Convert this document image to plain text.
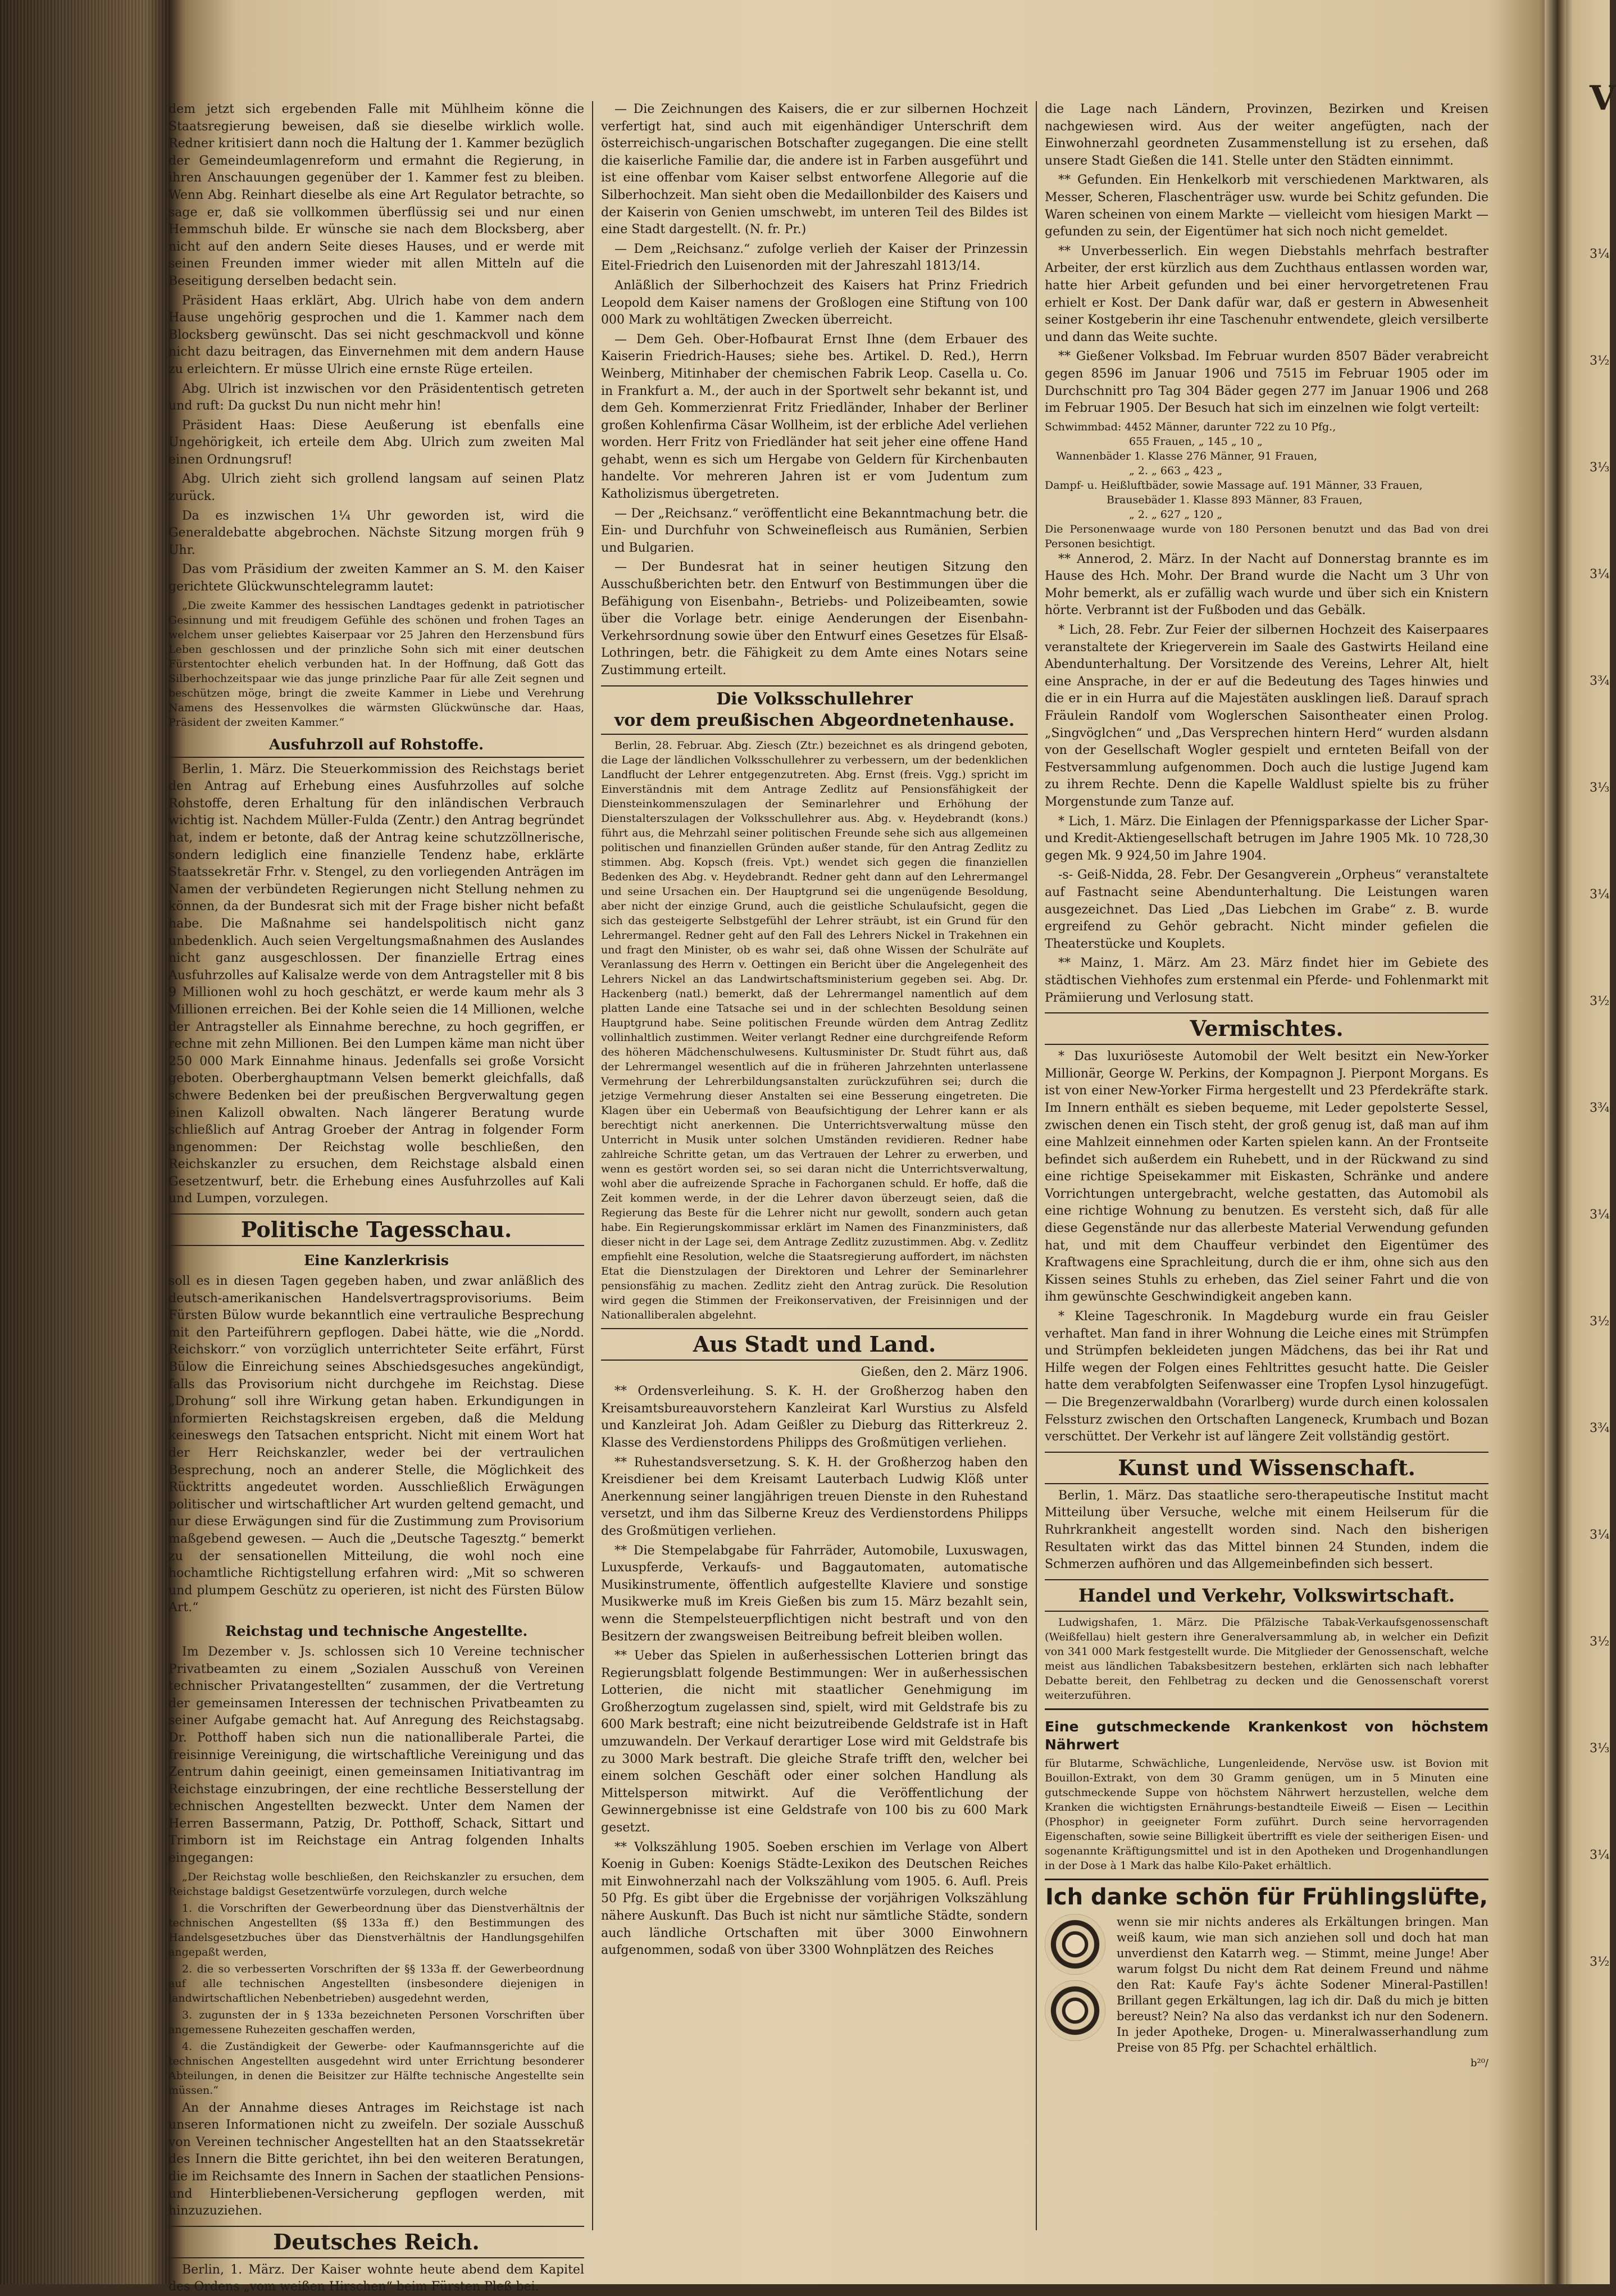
dem jetzt sich ergebenden Falle mit Mühlheim könne die Staatsregierung beweisen, daß sie dieselbe wirklich wolle. Redner kritisiert dann noch die Haltung der 1. Kammer bezüglich der Gemeindeumlagenreform und ermahnt die Regierung, in ihren Anschauungen gegenüber der 1. Kammer fest zu bleiben. Wenn Abg. Reinhart dieselbe als eine Art Regulator betrachte, so sage er, daß sie vollkommen überflüssig sei und nur einen Hemmschuh bilde. Er wünsche sie nach dem Blocksberg, aber nicht auf den andern Seite dieses Hauses, und er werde mit seinen Freunden immer wieder mit allen Mitteln auf die Beseitigung derselben bedacht sein.

Präsident Haas erklärt, Abg. Ulrich habe von dem andern Hause ungehörig gesprochen und die 1. Kammer nach dem Blocksberg gewünscht. Das sei nicht geschmackvoll und könne nicht dazu beitragen, das Einvernehmen mit dem andern Hause zu erleichtern. Er müsse Ulrich eine ernste Rüge erteilen.

Abg. Ulrich ist inzwischen vor den Präsidententisch getreten und ruft: Da guckst Du nun nicht mehr hin!

Präsident Haas: Diese Aeußerung ist ebenfalls eine Ungehörigkeit, ich erteile dem Abg. Ulrich zum zweiten Mal einen Ordnungsruf!

Abg. Ulrich zieht sich grollend langsam auf seinen Platz zurück.

Da es inzwischen 1¼ Uhr geworden ist, wird die Generaldebatte abgebrochen. Nächste Sitzung morgen früh 9 Uhr.

Das vom Präsidium der zweiten Kammer an S. M. den Kaiser gerichtete Glückwunschtelegramm lautet:

„Die zweite Kammer des hessischen Landtages gedenkt in patriotischer Gesinnung und mit freudigem Gefühle des schönen und frohen Tages an welchem unser geliebtes Kaiserpaar vor 25 Jahren den Herzensbund fürs Leben geschlossen und der prinzliche Sohn sich mit einer deutschen Fürstentochter ehelich verbunden hat. In der Hoffnung, daß Gott das Silberhochzeitspaar wie das junge prinzliche Paar für alle Zeit segnen und beschützen möge, bringt die zweite Kammer in Liebe und Verehrung Namens des Hessenvolkes die wärmsten Glückwünsche dar. Haas, Präsident der zweiten Kammer.“

Ausfuhrzoll auf Rohstoffe.

Berlin, 1. März. Die Steuerkommission des Reichstags beriet den Antrag auf Erhebung eines Ausfuhrzolles auf solche Rohstoffe, deren Erhaltung für den inländischen Verbrauch wichtig ist. Nachdem Müller-Fulda (Zentr.) den Antrag begründet hat, indem er betonte, daß der Antrag keine schutzzöllnerische, sondern lediglich eine finanzielle Tendenz habe, erklärte Staatssekretär Frhr. v. Stengel, zu den vorliegenden Anträgen im Namen der verbündeten Regierungen nicht Stellung nehmen zu können, da der Bundesrat sich mit der Frage bisher nicht befaßt habe. Die Maßnahme sei handelspolitisch nicht ganz unbedenklich. Auch seien Vergeltungsmaßnahmen des Auslandes nicht ganz ausgeschlossen. Der finanzielle Ertrag eines Ausfuhrzolles auf Kalisalze werde von dem Antragsteller mit 8 bis 9 Millionen wohl zu hoch geschätzt, er werde kaum mehr als 3 Millionen erreichen. Bei der Kohle seien die 14 Millionen, welche der Antragsteller als Einnahme berechne, zu hoch gegriffen, er rechne mit zehn Millionen. Bei den Lumpen käme man nicht über 250 000 Mark Einnahme hinaus. Jedenfalls sei große Vorsicht geboten. Oberberghauptmann Velsen bemerkt gleichfalls, daß schwere Bedenken bei der preußischen Bergverwaltung gegen einen Kalizoll obwalten. Nach längerer Beratung wurde schließlich auf Antrag Groeber der Antrag in folgender Form angenommen: Der Reichstag wolle beschließen, den Reichskanzler zu ersuchen, dem Reichstage alsbald einen Gesetzentwurf, betr. die Erhebung eines Ausfuhrzolles auf Kali und Lumpen, vorzulegen.

Politische Tagesschau.
Eine Kanzlerkrisis

soll es in diesen Tagen gegeben haben, und zwar anläßlich des deutsch-amerikanischen Handelsvertragsprovisoriums. Beim Fürsten Bülow wurde bekanntlich eine vertrauliche Besprechung mit den Parteiführern gepflogen. Dabei hätte, wie die „Nordd. Reichskorr.“ von vorzüglich unterrichteter Seite erfährt, Fürst Bülow die Einreichung seines Abschiedsgesuches angekündigt, falls das Provisorium nicht durchgehe im Reichstag. Diese „Drohung“ soll ihre Wirkung getan haben. Erkundigungen in informierten Reichstagskreisen ergeben, daß die Meldung keineswegs den Tatsachen entspricht. Nicht mit einem Wort hat der Herr Reichskanzler, weder bei der vertraulichen Besprechung, noch an anderer Stelle, die Möglichkeit des Rücktritts angedeutet worden. Ausschließlich Erwägungen politischer und wirtschaftlicher Art wurden geltend gemacht, und nur diese Erwägungen sind für die Zustimmung zum Provisorium maßgebend gewesen. — Auch die „Deutsche Tagesztg.“ bemerkt zu der sensationellen Mitteilung, die wohl noch eine hochamtliche Richtigstellung erfahren wird: „Mit so schweren und plumpem Geschütz zu operieren, ist nicht des Fürsten Bülow Art.“

Reichstag und technische Angestellte.

Im Dezember v. Js. schlossen sich 10 Vereine technischer Privatbeamten zu einem „Sozialen Ausschuß von Vereinen technischer Privatangestellten“ zusammen, der die Vertretung der gemeinsamen Interessen der technischen Privatbeamten zu seiner Aufgabe gemacht hat. Auf Anregung des Reichstagsabg. Dr. Potthoff haben sich nun die nationalliberale Partei, die freisinnige Vereinigung, die wirtschaftliche Vereinigung und das Zentrum dahin geeinigt, einen gemeinsamen Initiativantrag im Reichstage einzubringen, der eine rechtliche Besserstellung der technischen Angestellten bezweckt. Unter dem Namen der Herren Bassermann, Patzig, Dr. Potthoff, Schack, Sittart und Trimborn ist im Reichstage ein Antrag folgenden Inhalts eingegangen:

„Der Reichstag wolle beschließen, den Reichskanzler zu ersuchen, dem Reichstage baldigst Gesetzentwürfe vorzulegen, durch welche

1. die Vorschriften der Gewerbeordnung über das Dienstverhältnis der technischen Angestellten (§§ 133a ff.) den Bestimmungen des Handelsgesetzbuches über das Dienstverhältnis der Handlungsgehilfen angepaßt werden,

2. die so verbesserten Vorschriften der §§ 133a ff. der Gewerbeordnung auf alle technischen Angestellten (insbesondere diejenigen in landwirtschaftlichen Nebenbetrieben) ausgedehnt werden,

3. zugunsten der in § 133a bezeichneten Personen Vorschriften über angemessene Ruhezeiten geschaffen werden,

4. die Zuständigkeit der Gewerbe- oder Kaufmannsgerichte auf die technischen Angestellten ausgedehnt wird unter Errichtung besonderer Abteilungen, in denen die Beisitzer zur Hälfte technische Angestellte sein müssen.“

An der Annahme dieses Antrages im Reichstage ist nach unseren Informationen nicht zu zweifeln. Der soziale Ausschuß von Vereinen technischer Angestellten hat an den Staatssekretär des Innern die Bitte gerichtet, ihn bei den weiteren Beratungen, die im Reichsamte des Innern in Sachen der staatlichen Pensions- und Hinterbliebenen-Versicherung gepflogen werden, mit hinzuzuziehen.

Deutsches Reich.

Berlin, 1. März. Der Kaiser wohnte heute abend dem Kapitel des Ordens „vom weißen Hirschen“ beim Fürsten Pleß bei.

— Die Zeichnungen des Kaisers, die er zur silbernen Hochzeit verfertigt hat, sind auch mit eigenhändiger Unterschrift dem österreichisch-ungarischen Botschafter zugegangen. Die eine stellt die kaiserliche Familie dar, die andere ist in Farben ausgeführt und ist eine offenbar vom Kaiser selbst entworfene Allegorie auf die Silberhochzeit. Man sieht oben die Medaillonbilder des Kaisers und der Kaiserin von Genien umschwebt, im unteren Teil des Bildes ist eine Stadt dargestellt. (N. fr. Pr.)

— Dem „Reichsanz.“ zufolge verlieh der Kaiser der Prinzessin Eitel-Friedrich den Luisenorden mit der Jahreszahl 1813/14.

Anläßlich der Silberhochzeit des Kaisers hat Prinz Friedrich Leopold dem Kaiser namens der Großlogen eine Stiftung von 100 000 Mark zu wohltätigen Zwecken überreicht.

— Dem Geh. Ober-Hofbaurat Ernst Ihne (dem Erbauer des Kaiserin Friedrich-Hauses; siehe bes. Artikel. D. Red.), Herrn Weinberg, Mitinhaber der chemischen Fabrik Leop. Casella u. Co. in Frankfurt a. M., der auch in der Sportwelt sehr bekannt ist, und dem Geh. Kommerzienrat Fritz Friedländer, Inhaber der Berliner großen Kohlenfirma Cäsar Wollheim, ist der erbliche Adel verliehen worden. Herr Fritz von Friedländer hat seit jeher eine offene Hand gehabt, wenn es sich um Hergabe von Geldern für Kirchenbauten handelte. Vor mehreren Jahren ist er vom Judentum zum Katholizismus übergetreten.

— Der „Reichsanz.“ veröffentlicht eine Bekanntmachung betr. die Ein- und Durchfuhr von Schweinefleisch aus Rumänien, Serbien und Bulgarien.

— Der Bundesrat hat in seiner heutigen Sitzung den Ausschußberichten betr. den Entwurf von Bestimmungen über die Befähigung von Eisenbahn-, Betriebs- und Polizeibeamten, sowie über die Vorlage betr. einige Aenderungen der Eisenbahn-Verkehrsordnung sowie über den Entwurf eines Gesetzes für Elsaß-Lothringen, betr. die Fähigkeit zu dem Amte eines Notars seine Zustimmung erteilt.

Die Volksschullehrer
vor dem preußischen Abgeordnetenhause.

Berlin, 28. Februar. Abg. Ziesch (Ztr.) bezeichnet es als dringend geboten, die Lage der ländlichen Volksschullehrer zu verbessern, um der bedenklichen Landflucht der Lehrer entgegenzutreten. Abg. Ernst (freis. Vgg.) spricht im Einverständnis mit dem Antrage Zedlitz auf Pensionsfähigkeit der Diensteinkommenszulagen der Seminarlehrer und Erhöhung der Dienstalterszulagen der Volksschullehrer aus. Abg. v. Heydebrandt (kons.) führt aus, die Mehrzahl seiner politischen Freunde sehe sich aus allgemeinen politischen und finanziellen Gründen außer stande, für den Antrag Zedlitz zu stimmen. Abg. Kopsch (freis. Vpt.) wendet sich gegen die finanziellen Bedenken des Abg. v. Heydebrandt. Redner geht dann auf den Lehrermangel und seine Ursachen ein. Der Hauptgrund sei die ungenügende Besoldung, aber nicht der einzige Grund, auch die geistliche Schulaufsicht, gegen die sich das gesteigerte Selbstgefühl der Lehrer sträubt, ist ein Grund für den Lehrermangel. Redner geht auf den Fall des Lehrers Nickel in Trakehnen ein und fragt den Minister, ob es wahr sei, daß ohne Wissen der Schulräte auf Veranlassung des Herrn v. Oettingen ein Bericht über die Angelegenheit des Lehrers Nickel an das Landwirtschaftsministerium gegeben sei. Abg. Dr. Hackenberg (natl.) bemerkt, daß der Lehrermangel namentlich auf dem platten Lande eine Tatsache sei und in der schlechten Besoldung seinen Hauptgrund habe. Seine politischen Freunde würden dem Antrag Zedlitz vollinhaltlich zustimmen. Weiter verlangt Redner eine durchgreifende Reform des höheren Mädchenschulwesens. Kultusminister Dr. Studt führt aus, daß der Lehrermangel wesentlich auf die in früheren Jahrzehnten unterlassene Vermehrung der Lehrerbildungsanstalten zurückzuführen sei; durch die jetzige Vermehrung dieser Anstalten sei eine Besserung eingetreten. Die Klagen über ein Uebermaß von Beaufsichtigung der Lehrer kann er als berechtigt nicht anerkennen. Die Unterrichtsverwaltung müsse den Unterricht in Musik unter solchen Umständen revidieren. Redner habe zahlreiche Schritte getan, um das Vertrauen der Lehrer zu erwerben, und wenn es gestört worden sei, so sei daran nicht die Unterrichtsverwaltung, wohl aber die aufreizende Sprache in Fachorganen schuld. Er hoffe, daß die Zeit kommen werde, in der die Lehrer davon überzeugt seien, daß die Regierung das Beste für die Lehrer nicht nur gewollt, sondern auch getan habe. Ein Regierungskommissar erklärt im Namen des Finanzministers, daß dieser nicht in der Lage sei, dem Antrage Zedlitz zuzustimmen. Abg. v. Zedlitz empfiehlt eine Resolution, welche die Staatsregierung auffordert, im nächsten Etat die Dienstzulagen der Direktoren und Lehrer der Seminarlehrer pensionsfähig zu machen. Zedlitz zieht den Antrag zurück. Die Resolution wird gegen die Stimmen der Freikonservativen, der Freisinnigen und der Nationalliberalen abgelehnt.

Aus Stadt und Land.

Gießen, den 2. März 1906.

** Ordensverleihung. S. K. H. der Großherzog haben den Kreisamtsbureauvorstehern Kanzleirat Karl Wurstius zu Alsfeld und Kanzleirat Joh. Adam Geißler zu Dieburg das Ritterkreuz 2. Klasse des Verdienstordens Philipps des Großmütigen verliehen.

** Ruhestandsversetzung. S. K. H. der Großherzog haben den Kreisdiener bei dem Kreisamt Lauterbach Ludwig Klöß unter Anerkennung seiner langjährigen treuen Dienste in den Ruhestand versetzt, und ihm das Silberne Kreuz des Verdienstordens Philipps des Großmütigen verliehen.

** Die Stempelabgabe für Fahrräder, Automobile, Luxuswagen, Luxuspferde, Verkaufs- und Baggautomaten, automatische Musikinstrumente, öffentlich aufgestellte Klaviere und sonstige Musikwerke muß im Kreis Gießen bis zum 15. März bezahlt sein, wenn die Stempelsteuerpflichtigen nicht bestraft und von den Besitzern der zwangsweisen Beitreibung befreit bleiben wollen.

** Ueber das Spielen in außerhessischen Lotterien bringt das Regierungsblatt folgende Bestimmungen: Wer in außerhessischen Lotterien, die nicht mit staatlicher Genehmigung im Großherzogtum zugelassen sind, spielt, wird mit Geldstrafe bis zu 600 Mark bestraft; eine nicht beizutreibende Geldstrafe ist in Haft umzuwandeln. Der Verkauf derartiger Lose wird mit Geldstrafe bis zu 3000 Mark bestraft. Die gleiche Strafe trifft den, welcher bei einem solchen Geschäft oder einer solchen Handlung als Mittelsperson mitwirkt. Auf die Veröffentlichung der Gewinnergebnisse ist eine Geldstrafe von 100 bis zu 600 Mark gesetzt.

** Volkszählung 1905. Soeben erschien im Verlage von Albert Koenig in Guben: Koenigs Städte-Lexikon des Deutschen Reiches mit Einwohnerzahl nach der Volkszählung vom 1905. 6. Aufl. Preis 50 Pfg. Es gibt über die Ergebnisse der vorjährigen Volkszählung nähere Auskunft. Das Buch ist nicht nur sämtliche Städte, sondern auch ländliche Ortschaften mit über 3000 Einwohnern aufgenommen, sodaß von über 3300 Wohnplätzen des Reiches

die Lage nach Ländern, Provinzen, Bezirken und Kreisen nachgewiesen wird. Aus der weiter angefügten, nach der Einwohnerzahl geordneten Zusammenstellung ist zu ersehen, daß unsere Stadt Gießen die 141. Stelle unter den Städten einnimmt.

** Gefunden. Ein Henkelkorb mit verschiedenen Marktwaren, als Messer, Scheren, Flaschenträger usw. wurde bei Schitz gefunden. Die Waren scheinen von einem Markte — vielleicht vom hiesigen Markt — gefunden zu sein, der Eigentümer hat sich noch nicht gemeldet.

** Unverbesserlich. Ein wegen Diebstahls mehrfach bestrafter Arbeiter, der erst kürzlich aus dem Zuchthaus entlassen worden war, hatte hier Arbeit gefunden und bei einer hervorgetretenen Frau erhielt er Kost. Der Dank dafür war, daß er gestern in Abwesenheit seiner Kostgeberin ihr eine Taschenuhr entwendete, gleich versilberte und dann das Weite suchte.

** Gießener Volksbad. Im Februar wurden 8507 Bäder verabreicht gegen 8596 im Januar 1906 und 7515 im Februar 1905 oder im Durchschnitt pro Tag 304 Bäder gegen 277 im Januar 1906 und 268 im Februar 1905. Der Besuch hat sich im einzelnen wie folgt verteilt:

Schwimmbad: 4452 Männer, darunter 722 zu 10 Pfg.,
655 Frauen, „ 145 „ 10 „
Wannenbäder 1. Klasse 276 Männer, 91 Frauen,
„ 2. „ 663 „ 423 „
Dampf- u. Heißluftbäder, sowie Massage auf. 191 Männer, 33 Frauen,
Brausebäder 1. Klasse 893 Männer, 83 Frauen,
„ 2. „ 627 „ 120 „
Die Personenwaage wurde von 180 Personen benutzt und das Bad von drei Personen besichtigt.

** Annerod, 2. März. In der Nacht auf Donnerstag brannte es im Hause des Hch. Mohr. Der Brand wurde die Nacht um 3 Uhr von Mohr bemerkt, als er zufällig wach wurde und über sich ein Knistern hörte. Verbrannt ist der Fußboden und das Gebälk.

* Lich, 28. Febr. Zur Feier der silbernen Hochzeit des Kaiserpaares veranstaltete der Kriegerverein im Saale des Gastwirts Heiland eine Abendunterhaltung. Der Vorsitzende des Vereins, Lehrer Alt, hielt eine Ansprache, in der er auf die Bedeutung des Tages hinwies und die er in ein Hurra auf die Majestäten ausklingen ließ. Darauf sprach Fräulein Randolf vom Woglerschen Saisontheater einen Prolog. „Singvöglchen“ und „Das Versprechen hintern Herd“ wurden alsdann von der Gesellschaft Wogler gespielt und ernteten Beifall von der Festversammlung aufgenommen. Doch auch die lustige Jugend kam zu ihrem Rechte. Denn die Kapelle Waldlust spielte bis zu früher Morgenstunde zum Tanze auf.

* Lich, 1. März. Die Einlagen der Pfennigsparkasse der Licher Spar- und Kredit-Aktiengesellschaft betrugen im Jahre 1905 Mk. 10 728,30 gegen Mk. 9 924,50 im Jahre 1904.

-s- Geiß-Nidda, 28. Febr. Der Gesangverein „Orpheus“ veranstaltete auf Fastnacht seine Abendunterhaltung. Die Leistungen waren ausgezeichnet. Das Lied „Das Liebchen im Grabe“ z. B. wurde ergreifend zu Gehör gebracht. Nicht minder gefielen die Theaterstücke und Kouplets.

** Mainz, 1. März. Am 23. März findet hier im Gebiete des städtischen Viehhofes zum erstenmal ein Pferde- und Fohlenmarkt mit Prämiierung und Verlosung statt.

Vermischtes.

* Das luxuriöseste Automobil der Welt besitzt ein New-Yorker Millionär, George W. Perkins, der Kompagnon J. Pierpont Morgans. Es ist von einer New-Yorker Firma hergestellt und 23 Pferdekräfte stark. Im Innern enthält es sieben bequeme, mit Leder gepolsterte Sessel, zwischen denen ein Tisch steht, der groß genug ist, daß man auf ihm eine Mahlzeit einnehmen oder Karten spielen kann. An der Frontseite befindet sich außerdem ein Ruhebett, und in der Rückwand zu sind eine richtige Speisekammer mit Eiskasten, Schränke und andere Vorrichtungen untergebracht, welche gestatten, das Automobil als eine richtige Wohnung zu benutzen. Es versteht sich, daß für alle diese Gegenstände nur das allerbeste Material Verwendung gefunden hat, und mit dem Chauffeur verbindet den Eigentümer des Kraftwagens eine Sprachleitung, durch die er ihm, ohne sich aus den Kissen seines Stuhls zu erheben, das Ziel seiner Fahrt und die von ihm gewünschte Geschwindigkeit angeben kann.

* Kleine Tageschronik. In Magdeburg wurde ein frau Geisler verhaftet. Man fand in ihrer Wohnung die Leiche eines mit Strümpfen und Strümpfen bekleideten jungen Mädchens, das bei ihr Rat und Hilfe wegen der Folgen eines Fehltrittes gesucht hatte. Die Geisler hatte dem verabfolgten Seifenwasser eine Tropfen Lysol hinzugefügt. — Die Bregenzerwaldbahn (Vorarlberg) wurde durch einen kolossalen Felssturz zwischen den Ortschaften Langeneck, Krumbach und Bozan verschüttet. Der Verkehr ist auf längere Zeit vollständig gestört.

Kunst und Wissenschaft.

Berlin, 1. März. Das staatliche sero-therapeutische Institut macht Mitteilung über Versuche, welche mit einem Heilserum für die Ruhrkrankheit angestellt worden sind. Nach den bisherigen Resultaten wirkt das das Mittel binnen 24 Stunden, indem die Schmerzen aufhören und das Allgemeinbefinden sich bessert.

Handel und Verkehr, Volkswirtschaft.

Ludwigshafen, 1. März. Die Pfälzische Tabak-Verkaufsgenossenschaft (Weißfellau) hielt gestern ihre Generalversammlung ab, in welcher ein Defizit von 341 000 Mark festgestellt wurde. Die Mitglieder der Genossenschaft, welche meist aus ländlichen Tabaksbesitzern bestehen, erklärten sich nach lebhafter Debatte bereit, den Fehlbetrag zu decken und die Genossenschaft vorerst weiterzuführen.

Eine gutschmeckende Krankenkost von höchstem Nährwert

für Blutarme, Schwächliche, Lungenleidende, Nervöse usw. ist Bovion mit Bouillon-Extrakt, von dem 30 Gramm genügen, um in 5 Minuten eine gutschmeckende Suppe von höchstem Nährwert herzustellen, welche dem Kranken die wichtigsten Ernährungs-bestandteile Eiweiß — Eisen — Lecithin (Phosphor) in geeigneter Form zuführt. Durch seine hervorragenden Eigenschaften, sowie seine Billigkeit übertrifft es viele der seitherigen Eisen- und sogenannte Kräftigungsmittel und ist in den Apotheken und Drogenhandlungen in der Dose à 1 Mark das halbe Kilo-Paket erhältlich.

Ich danke schön für Frühlingslüfte,
wenn sie mir nichts anderes als Erkältungen bringen. Man weiß kaum, wie man sich anziehen soll und doch hat man unverdienst den Katarrh weg. — Stimmt, meine Junge! Aber warum folgst Du nicht dem Rat deinem Freund und nähme den Rat: Kaufe Fay's ächte Sodener Mineral-Pastillen! Brillant gegen Erkältungen, lag ich dir. Daß du mich je bitten bereust? Nein? Na also das verdankst ich nur den Sodenern. In jeder Apotheke, Drogen- u. Mineralwasserhandlung zum Preise von 85 Pfg. per Schachtel erhältlich.
b²⁰/
V
3¼
3½
3⅓
3¼
3¾
3⅓
3¼
3½
3¾
3¼
3½
3¾
3¼
3½
3⅓
3¼
3½
